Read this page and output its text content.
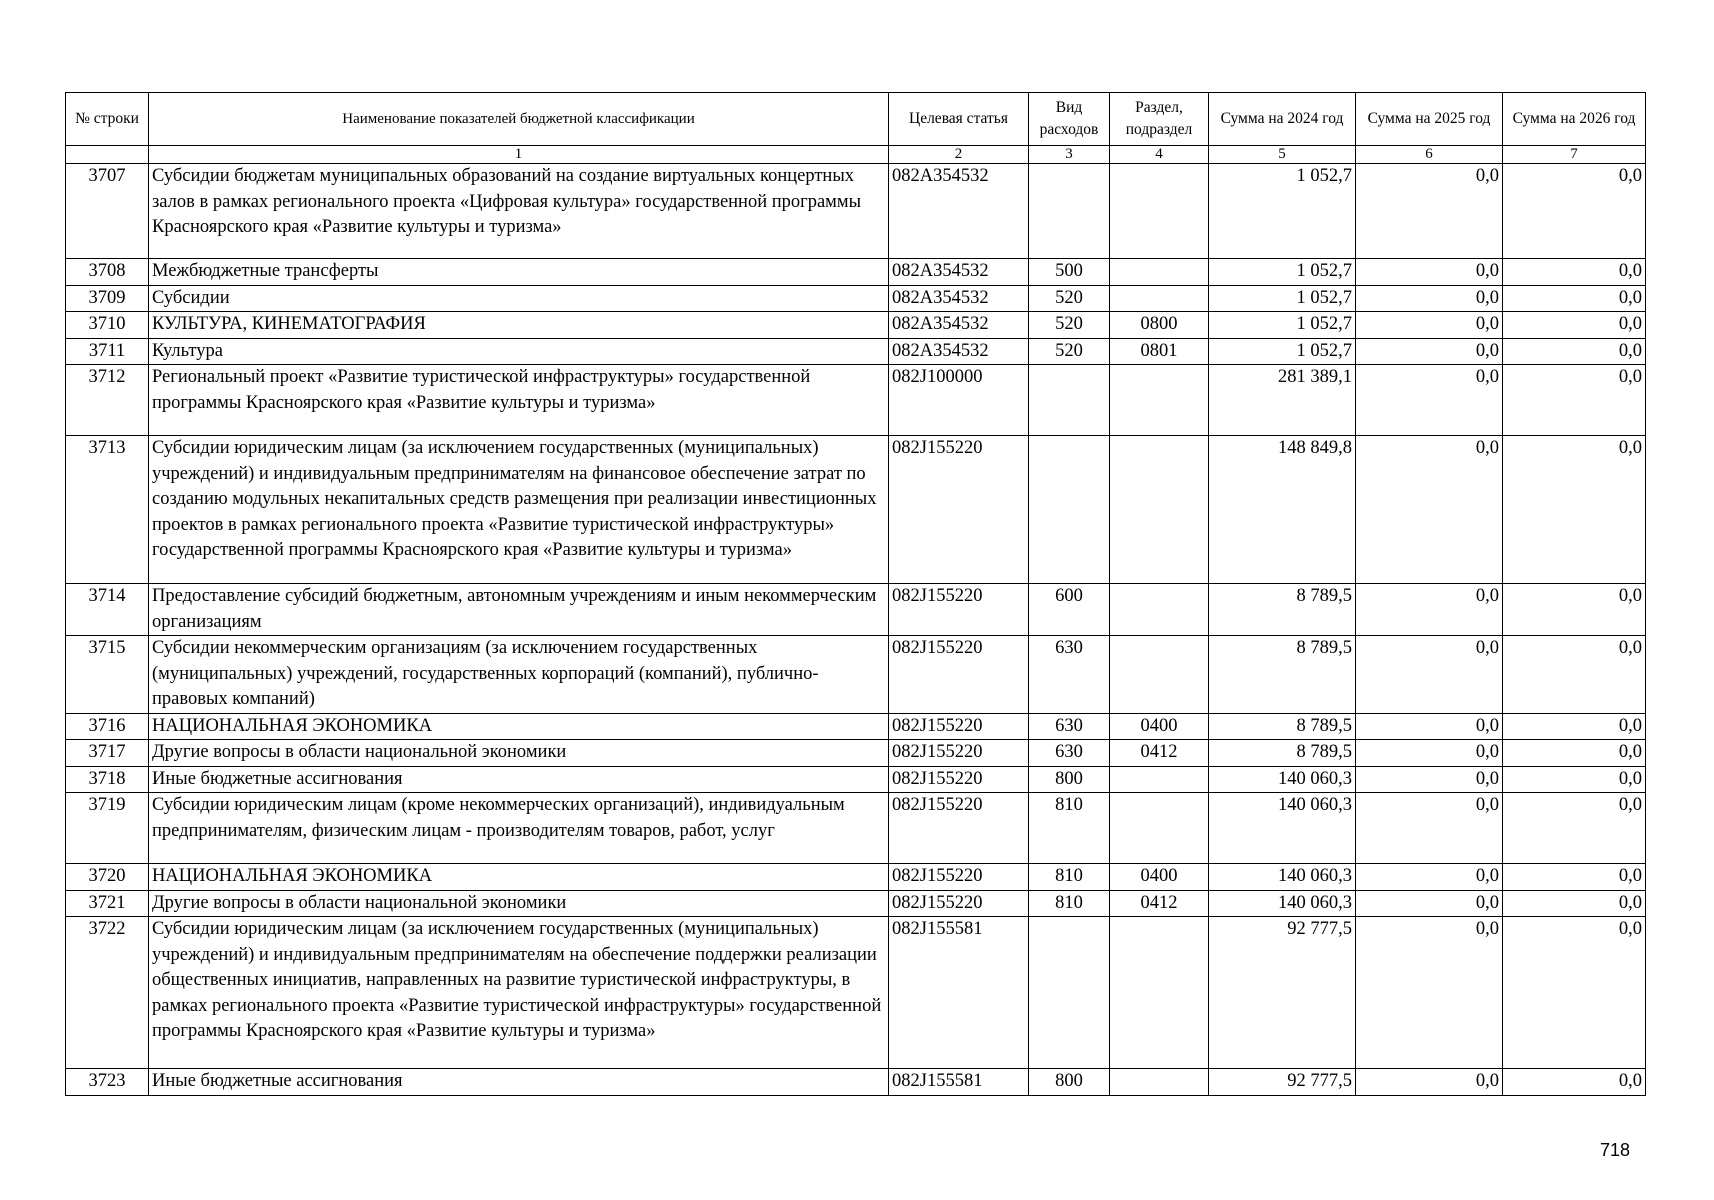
№ строки	Наименование показателей бюджетной классификации	Целевая статья	Вид расходов	Раздел, подраздел	Сумма на 2024 год	Сумма на 2025 год	Сумма на 2026 год
	1	2	3	4	5	6	7
3707	Субсидии бюджетам муниципальных образований на создание виртуальных концертных залов в рамках регионального проекта «Цифровая культура» государственной программы Красноярского края «Развитие культуры и туризма»	082A354532			1 052,7	0,0	0,0
3708	Межбюджетные трансферты	082A354532	500		1 052,7	0,0	0,0
3709	Субсидии	082A354532	520		1 052,7	0,0	0,0
3710	КУЛЬТУРА, КИНЕМАТОГРАФИЯ	082A354532	520	0800	1 052,7	0,0	0,0
3711	Культура	082A354532	520	0801	1 052,7	0,0	0,0
3712	Региональный проект «Развитие туристической инфраструктуры» государственной программы Красноярского края «Развитие культуры и туризма»	082J100000			281 389,1	0,0	0,0
3713	Субсидии юридическим лицам (за исключением государственных (муниципальных) учреждений) и индивидуальным предпринимателям на финансовое обеспечение затрат по созданию модульных некапитальных средств размещения при реализации инвестиционных проектов в рамках регионального проекта «Развитие туристической инфраструктуры» государственной программы Красноярского края «Развитие культуры и туризма»	082J155220			148 849,8	0,0	0,0
3714	Предоставление субсидий бюджетным, автономным учреждениям и иным некоммерческим организациям	082J155220	600		8 789,5	0,0	0,0
3715	Субсидии некоммерческим организациям (за исключением государственных (муниципальных) учреждений, государственных корпораций (компаний), публично-правовых компаний)	082J155220	630		8 789,5	0,0	0,0
3716	НАЦИОНАЛЬНАЯ ЭКОНОМИКА	082J155220	630	0400	8 789,5	0,0	0,0
3717	Другие вопросы в области национальной экономики	082J155220	630	0412	8 789,5	0,0	0,0
3718	Иные бюджетные ассигнования	082J155220	800		140 060,3	0,0	0,0
3719	Субсидии юридическим лицам (кроме некоммерческих организаций), индивидуальным предпринимателям, физическим лицам - производителям товаров, работ, услуг	082J155220	810		140 060,3	0,0	0,0
3720	НАЦИОНАЛЬНАЯ ЭКОНОМИКА	082J155220	810	0400	140 060,3	0,0	0,0
3721	Другие вопросы в области национальной экономики	082J155220	810	0412	140 060,3	0,0	0,0
3722	Субсидии юридическим лицам (за исключением государственных (муниципальных) учреждений) и индивидуальным предпринимателям на обеспечение поддержки реализации общественных инициатив, направленных на развитие туристической инфраструктуры, в рамках регионального проекта «Развитие туристической инфраструктуры» государственной программы Красноярского края «Развитие культуры и туризма»	082J155581			92 777,5	0,0	0,0
3723	Иные бюджетные ассигнования	082J155581	800		92 777,5	0,0	0,0
718
